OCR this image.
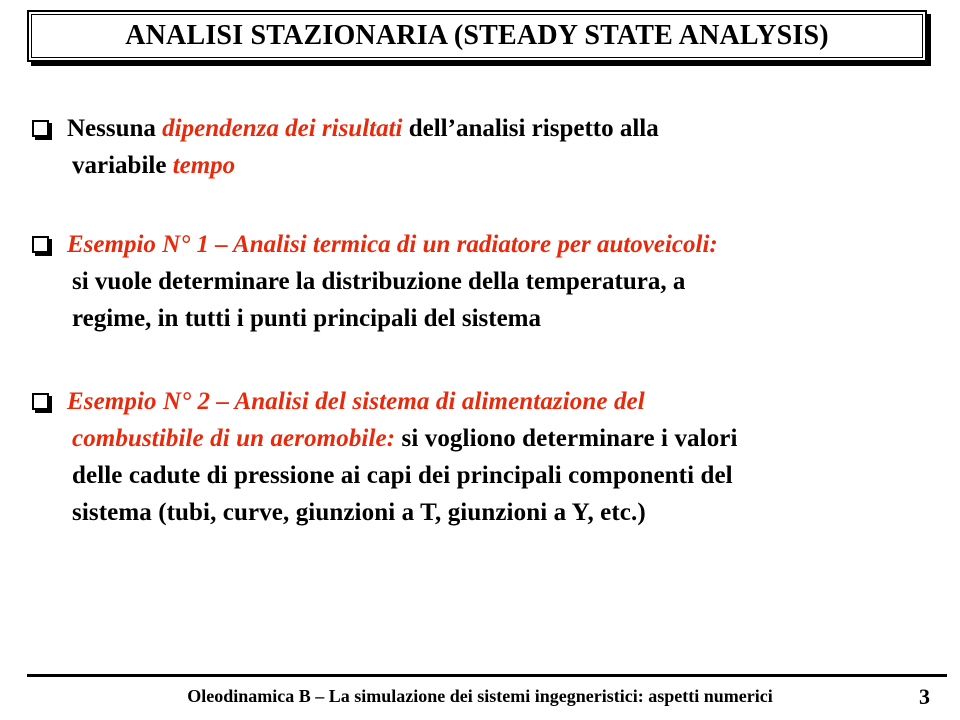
ANALISI STAZIONARIA (STEADY STATE ANALYSIS)
Nessuna dipendenza dei risultati dell’analisi rispetto alla
variabile tempo
Esempio N° 1 – Analisi termica di un radiatore per autoveicoli:
si vuole determinare la distribuzione della temperatura, a
regime, in tutti i punti principali del sistema
Esempio N° 2 – Analisi del sistema di alimentazione del
combustibile di un aeromobile: si vogliono determinare i valori
delle cadute di pressione ai capi dei principali componenti del
sistema (tubi, curve, giunzioni a T, giunzioni a Y, etc.)
Oleodinamica B – La simulazione dei sistemi ingegneristici: aspetti numerici	3
